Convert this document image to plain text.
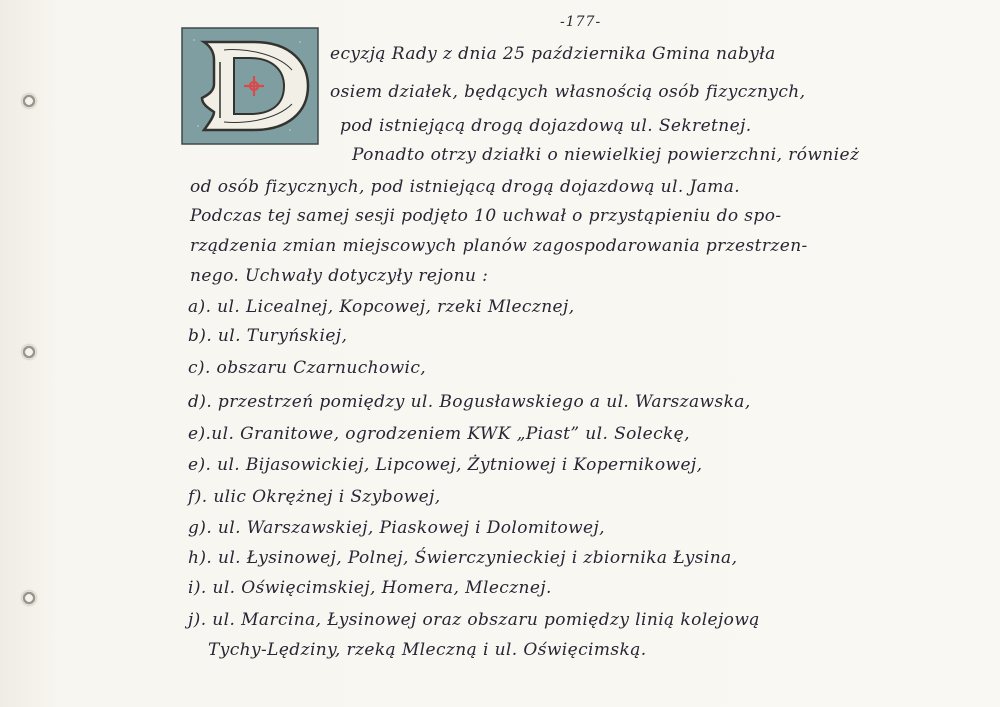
-177-
ecyzją Rady z dnia 25 października Gmina nabyła
osiem działek, będących własnością osób fizycznych,
pod istniejącą drogą dojazdową ul. Sekretnej.
Ponadto otrzy działki o niewielkiej powierzchni, również
od osób fizycznych, pod istniejącą drogą dojazdową ul. Jama.
Podczas tej samej sesji podjęto 10 uchwał o przystąpieniu do spo-
rządzenia zmian miejscowych planów zagospodarowania przestrzen-
nego. Uchwały dotyczyły rejonu :
a). ul. Licealnej, Kopcowej, rzeki Mlecznej,
b). ul. Turyńskiej,
c). obszaru Czarnuchowic,
d). przestrzeń pomiędzy ul. Bogusławskiego a ul. Warszawska,
e).ul. Granitowe, ogrodzeniem KWK „Piast” ul. Soleckę,
e). ul. Bijasowickiej, Lipcowej, Żytniowej i Kopernikowej,
f). ulic Okrężnej i Szybowej,
g). ul. Warszawskiej, Piaskowej i Dolomitowej,
h). ul. Łysinowej, Polnej, Świerczynieckiej i zbiornika Łysina,
i). ul. Oświęcimskiej, Homera, Mlecznej.
j). ul. Marcina, Łysinowej oraz obszaru pomiędzy linią kolejową
Tychy-Lędziny, rzeką Mleczną i ul. Oświęcimską.
